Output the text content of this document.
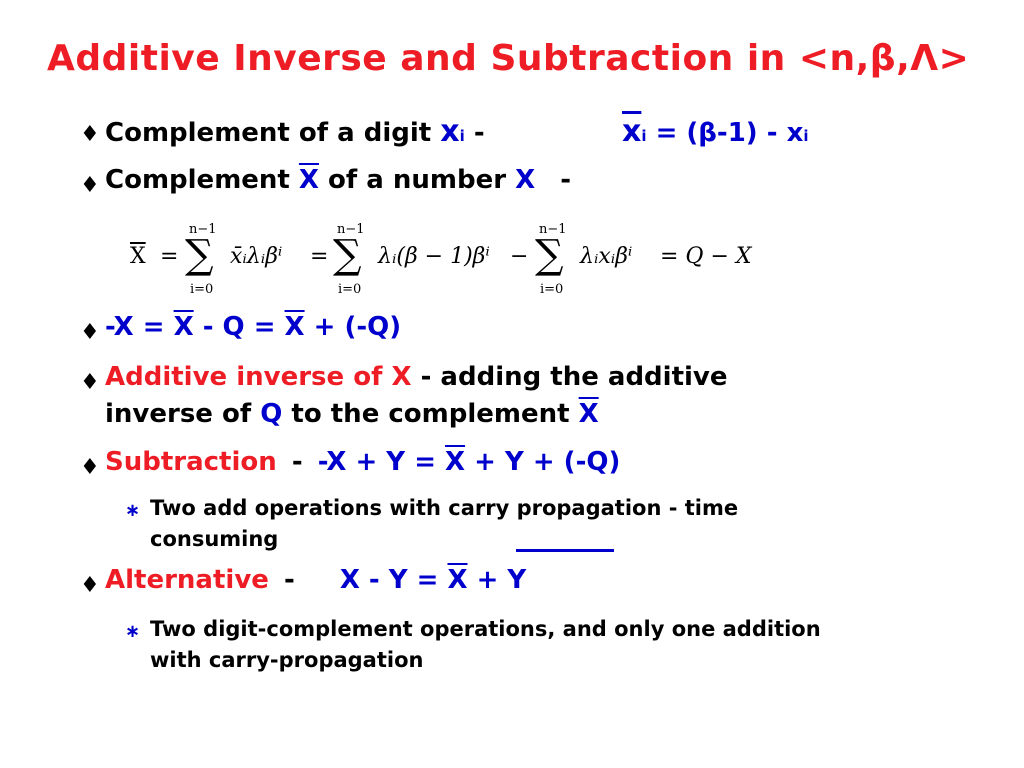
Additive Inverse and Subtraction in <n,β,Λ>
♦ Complement of a digit xi -	$\overline{x}i = (\beta-1)$ - xi
♦ Complement $\overline{X}$ of a number X -
$\overline{X}$ =
n−1
∑
i=0
x̄ᵢλᵢβⁱ =
n−1
∑
i=0
λᵢ(β − 1)βⁱ −
n−1
∑
i=0
λᵢxᵢβⁱ = Q − X
♦ $-X = \overline{X} - Q = \overline{X} + (-Q)$
♦ Additive inverse of X - adding the additive
inverse of Q to the complement $\overline{X}$
♦ Subtraction - $-X + Y = \overline{X} + Y + (-Q)$
∗ Two add operations with carry propagation - time
consuming
♦ Alternative - $X - Y = \overline{X} + Y$
∗ Two digit-complement operations, and only one addition
with carry-propagation
